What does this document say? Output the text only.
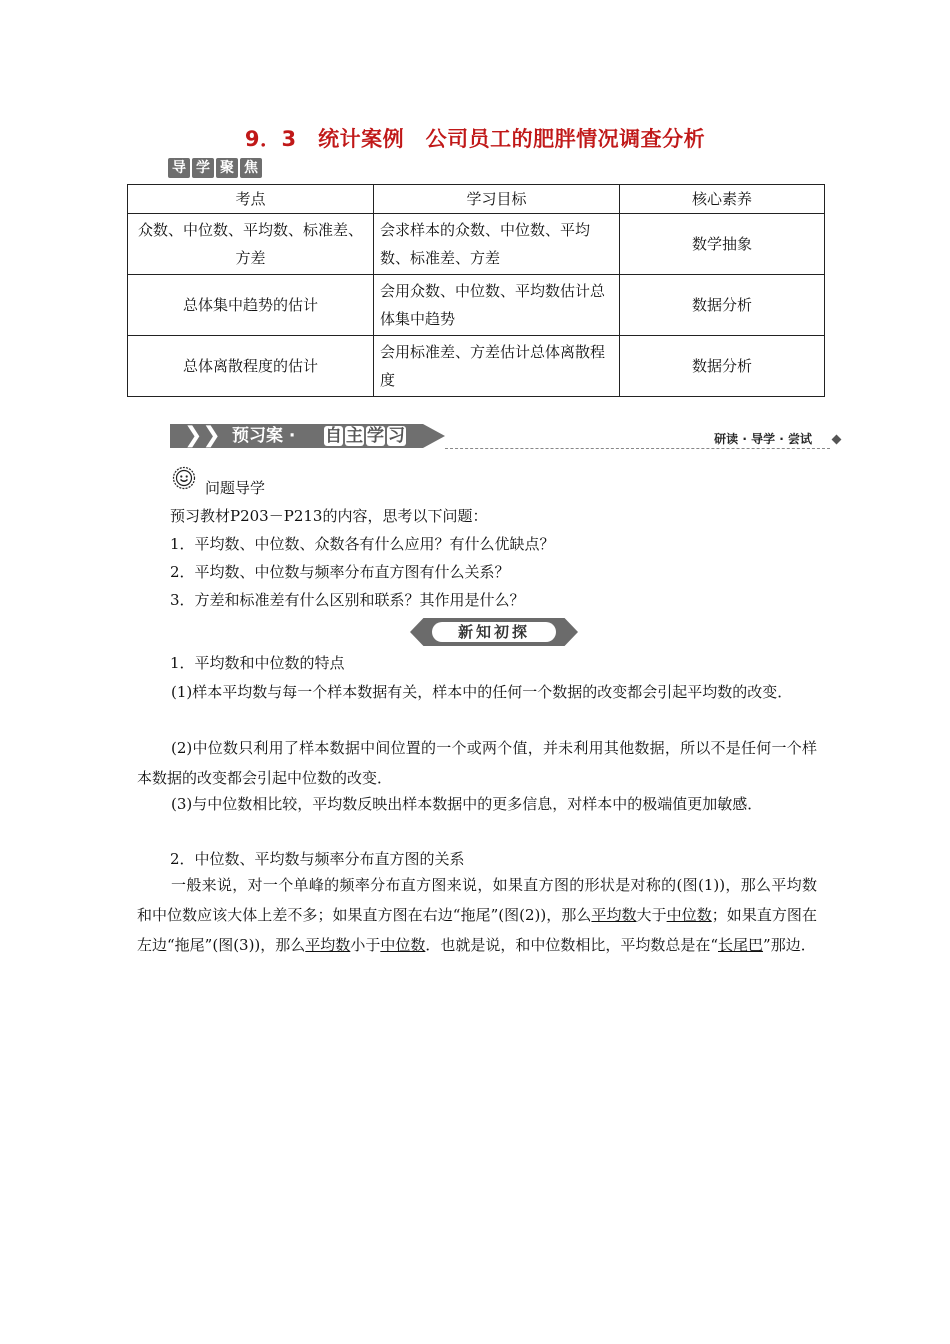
9．3　统计案例　公司员工的肥胖情况调查分析
导 学 聚 焦
考点	学习目标	核心素养
众数、中位数、平均数、标准差、方差	会求样本的众数、中位数、平均数、标准差、方差	数学抽象
总体集中趋势的估计	会用众数、中位数、平均数估计总体集中趋势	数据分析
总体离散程度的估计	会用标准差、方差估计总体离散程度	数据分析
❯❯ 预习案 · 自 主 学 习	研读 · 导学 · 尝试
问题导学
预习教材P203－P213的内容，思考以下问题：
1．平均数、中位数、众数各有什么应用？有什么优缺点？
2．平均数、中位数与频率分布直方图有什么关系？
3．方差和标准差有什么区别和联系？其作用是什么？
新知初探
1．平均数和中位数的特点
(1)样本平均数与每一个样本数据有关，样本中的任何一个数据的改变都会引起平均数的改变．
(2)中位数只利用了样本数据中间位置的一个或两个值，并未利用其他数据，所以不是任何一个样本数据的改变都会引起中位数的改变．
(3)与中位数相比较，平均数反映出样本数据中的更多信息，对样本中的极端值更加敏感．
2．中位数、平均数与频率分布直方图的关系
一般来说，对一个单峰的频率分布直方图来说，如果直方图的形状是对称的(图(1))，那么平均数和中位数应该大体上差不多；如果直方图在右边“拖尾”(图(2))，那么平均数大于中位数；如果直方图在左边“拖尾”(图(3))，那么平均数小于中位数．也就是说，和中位数相比，平均数总是在“长尾巴”那边．
